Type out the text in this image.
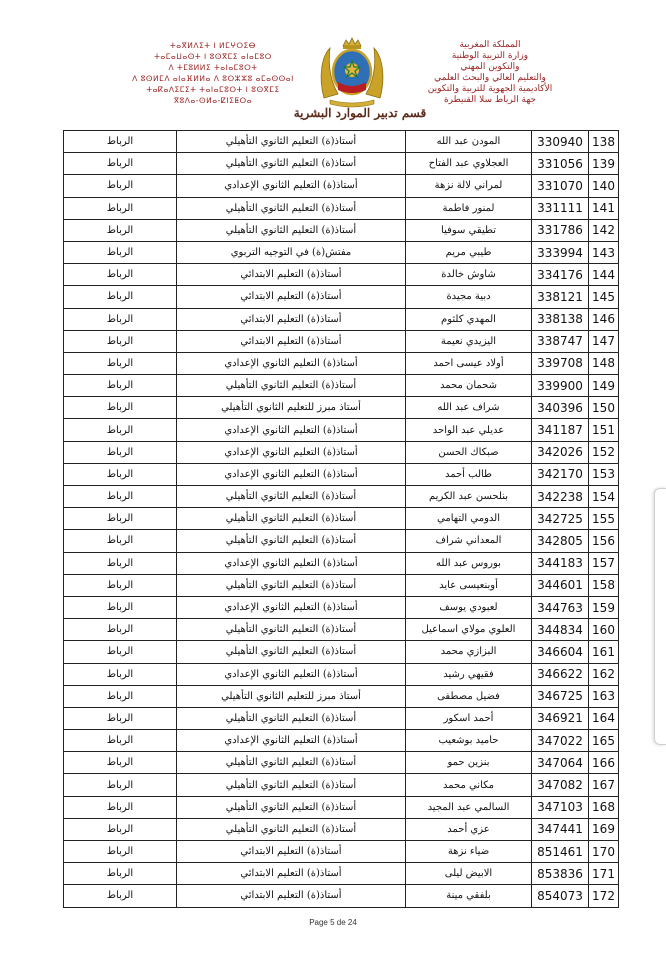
ⵜⴰⴳⵍⴷⵉⵜ ⵏ ⵍⵎⵖⵔⵉⴱ
ⵜⴰⵎⴰⵡⴰⵙⵜ ⵏ ⵓⵙⴳⵎⵉ ⴰⵏⴰⵎⵓⵔ
ⴷ ⵜⵎⵓⵍⵍⵉ ⵜⴰⵏⴰⵎⵓⵔⵜ
ⴷ ⵓⵙⵍⵎⴷ ⴰⵏⴰⴼⵍⵍⴰ ⴷ ⵓⵔⵣⵣⵓ ⴰⵎⴰⵙⵙⴰⵏ
ⵜⴰⴽⴰⴷⵉⵎⵉⵜ ⵜⴰⵏⴰⵎⵓⵔⵜ ⵏ ⵓⵙⴳⵎⵉ
ⴳⵓⴷⴰ-ⵙⵍⴰ-ⵇⵏⵉⵟⵔⴰ
المملكة المغربية
وزارة التربية الوطنية
والتكوين المهني
والتعليم العالي والبحث العلمي
الأكاديمية الجهوية للتربية والتكوين
جهة الرباط سلا القنيطرة
قسم تدبير الموارد البشرية
الرباط	أستاذ(ة) التعليم الثانوي التأهيلي	المودن عبد الله	330940	138
الرباط	أستاذ(ة) التعليم الثانوي التأهيلي	العجلاوي عبد الفتاح	331056	139
الرباط	أستاذ(ة) التعليم الثانوي الإعدادي	لمراني لالة نزهة	331070	140
الرباط	أستاذ(ة) التعليم الثانوي التأهيلي	لمنور فاطمة	331111	141
الرباط	أستاذ(ة) التعليم الثانوي التأهيلي	تطيقي سوفيا	331786	142
الرباط	مفتش(ة) في التوجيه التربوي	طيبي مريم	333994	143
الرباط	أستاذ(ة) التعليم الابتدائي	شاوش خالدة	334176	144
الرباط	أستاذ(ة) التعليم الابتدائي	دبية مجيدة	338121	145
الرباط	أستاذ(ة) التعليم الابتدائي	المهدي كلثوم	338138	146
الرباط	أستاذ(ة) التعليم الابتدائي	اليزيدي نعيمة	338747	147
الرباط	أستاذ(ة) التعليم الثانوي الإعدادي	أولاد عيسى احمد	339708	148
الرباط	أستاذ(ة) التعليم الثانوي التأهيلي	شحمان محمد	339900	149
الرباط	أستاذ مبرز للتعليم الثانوي التأهيلي	شراف عبد الله	340396	150
الرباط	أستاذ(ة) التعليم الثانوي الإعدادي	عديلي عبد الواحد	341187	151
الرباط	أستاذ(ة) التعليم الثانوي الإعدادي	صبكاك الحسن	342026	152
الرباط	أستاذ(ة) التعليم الثانوي الإعدادي	طالب أحمد	342170	153
الرباط	أستاذ(ة) التعليم الثانوي التأهيلي	بنلحسن عبد الكريم	342238	154
الرباط	أستاذ(ة) التعليم الثانوي التأهيلي	الدومي التهامي	342725	155
الرباط	أستاذ(ة) التعليم الثانوي التأهيلي	المعداني شراف	342805	156
الرباط	أستاذ(ة) التعليم الثانوي الإعدادي	بوروس عبد الله	344183	157
الرباط	أستاذ(ة) التعليم الثانوي التأهيلي	أوبنعيسى عايد	344601	158
الرباط	أستاذ(ة) التعليم الثانوي الإعدادي	لعبودي يوسف	344763	159
الرباط	أستاذ(ة) التعليم الثانوي التأهيلي	العلوي مولاي اسماعيل	344834	160
الرباط	أستاذ(ة) التعليم الثانوي التأهيلي	البزازي محمد	346604	161
الرباط	أستاذ(ة) التعليم الثانوي الإعدادي	فقيهي رشيد	346622	162
الرباط	أستاذ مبرز للتعليم الثانوي التأهيلي	فضيل مصطفى	346725	163
الرباط	أستاذ(ة) التعليم الثانوي التأهيلي	أحمد اسكور	346921	164
الرباط	أستاذ(ة) التعليم الثانوي الإعدادي	حاميد بوشعيب	347022	165
الرباط	أستاذ(ة) التعليم الثانوي التأهيلي	بنزين حمو	347064	166
الرباط	أستاذ(ة) التعليم الثانوي التأهيلي	مكاني محمد	347082	167
الرباط	أستاذ(ة) التعليم الثانوي التأهيلي	السالمي عبد المجيد	347103	168
الرباط	أستاذ(ة) التعليم الثانوي التأهيلي	عزي أحمد	347441	169
الرباط	أستاذ(ة) التعليم الابتدائي	ضياء نزهة	851461	170
الرباط	أستاذ(ة) التعليم الابتدائي	الابيض ليلى	853836	171
الرباط	أستاذ(ة) التعليم الابتدائي	بلفقي مينة	854073	172
Page 5 de 24
